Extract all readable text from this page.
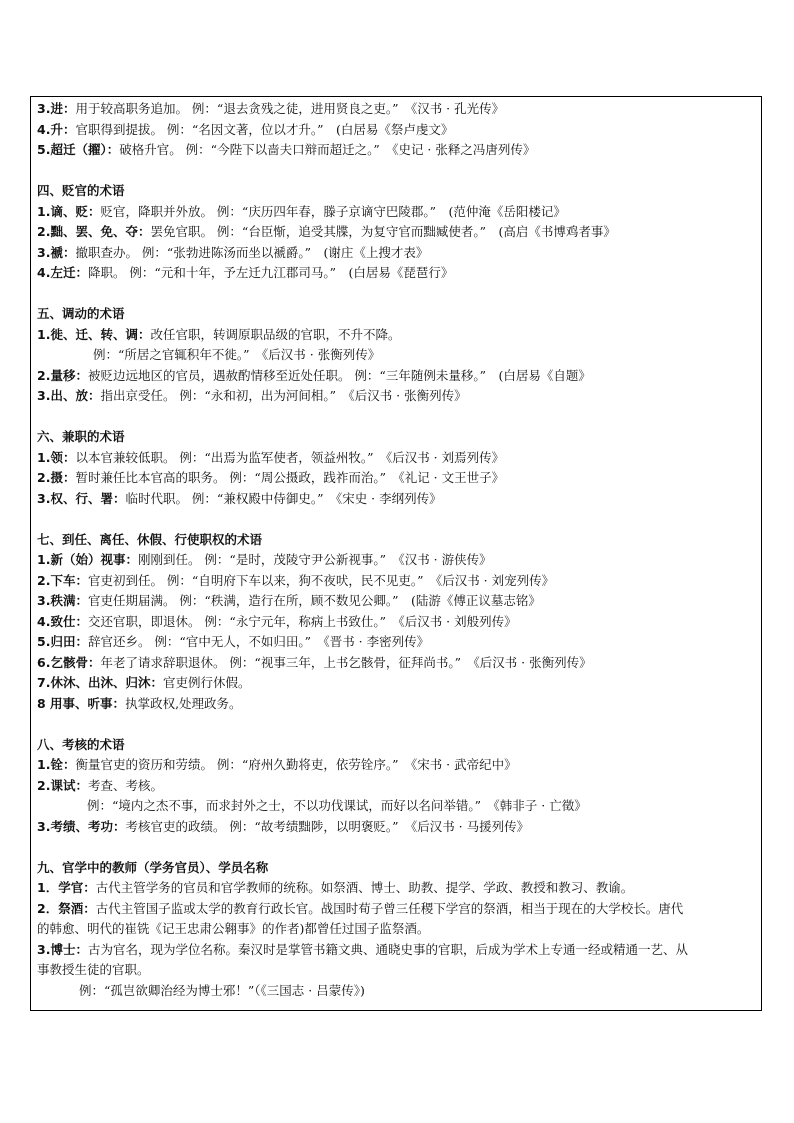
3.进：用于较高职务追加。 例：“退去贪残之徒，进用贤良之吏。”　《汉书 · 孔光传》
4.升：官职得到提拔。 例：“名因文著，位以才升。”　(白居易《祭卢虔文》
5.超迁（擢）：破格升官。 例：“今陛下以啬夫口辩而超迁之。”　《史记 · 张释之冯唐列传》
四、贬官的术语
1.谪、贬：贬官，降职并外放。 例：“庆历四年春，滕子京谪守巴陵郡。”　(范仲淹《岳阳楼记》
2.黜、罢、免、夺：罢免官职。 例：“台臣惭，追受其牒，为复守官而黜臧使者。”　(高启《书博鸡者事》
3.褫：撤职查办。 例：“张勃进陈汤而坐以褫爵。”　(谢庄《上搜才表》
4.左迁：降职。 例：“元和十年，予左迁九江郡司马。”　(白居易《琵琶行》
五、调动的术语
1.徙、迁、转、调：改任官职，转调原职品级的官职，不升不降。
例：“所居之官辄积年不徙。”　《后汉书 · 张衡列传》
2.量移：被贬边远地区的官员，遇赦酌情移至近处任职。 例：“三年随例未量移。”　(白居易《自题》
3.出、放：指出京受任。 例：“永和初，出为河间相。”　《后汉书 · 张衡列传》
六、兼职的术语
1.领：以本官兼较低职。 例：“出焉为监军使者，领益州牧。”　《后汉书 · 刘焉列传》
2.摄：暂时兼任比本官高的职务。 例：“周公摄政，践祚而治。”　《礼记 · 文王世子》
3.权、行、署：临时代职。 例：“兼权殿中侍御史。”　《宋史 · 李纲列传》
七、到任、离任、休假、行使职权的术语
1.新（始）视事：刚刚到任。 例：“是时，茂陵守尹公新视事。”　《汉书 · 游侠传》
2.下车：官吏初到任。 例：“自明府下车以来，狗不夜吠，民不见吏。”　《后汉书 · 刘宠列传》
3.秩满：官吏任期届满。 例：“秩满，造行在所，顾不数见公卿。”　(陆游《傅正议墓志铭》
4.致仕：交还官职，即退休。 例：“永宁元年，称病上书致仕。”　《后汉书 · 刘般列传》
5.归田：辞官还乡。 例：“官中无人，不如归田。”　《晋书 · 李密列传》
6.乞骸骨：年老了请求辞职退休。 例：“视事三年，上书乞骸骨，征拜尚书。”　《后汉书 · 张衡列传》
7.休沐、出沐、归沐：官吏例行休假。
8 用事、听事：执掌政权,处理政务。
八、考核的术语
1.铨：衡量官吏的资历和劳绩。 例：“府州久勤将吏，依劳铨序。”　《宋书 · 武帝纪中》
2.课试：考查、考核。
例：“境内之杰不事，而求封外之士，不以功伐课试，而好以名问举错。”　《韩非子 · 亡徵》
3.考绩、考功：考核官吏的政绩。 例：“故考绩黜陟，以明褒贬。”　《后汉书 · 马援列传》
九、官学中的教师（学务官员）、学员名称
1．学官：古代主管学务的官员和官学教师的统称。如祭酒、博士、助教、提学、学政、教授和教习、教谕。
2．祭酒：古代主管国子监或太学的教育行政长官。战国时荀子曾三任稷下学宫的祭酒，相当于现在的大学校长。唐代
的韩愈、明代的崔铣《记王忠肃公翱事》的作者)都曾任过国子监祭酒。
3.博士：古为官名，现为学位名称。秦汉时是掌管书籍文典、通晓史事的官职，后成为学术上专通一经或精通一艺、从
事教授生徒的官职。
例：“孤岂欲卿治经为博士邪！”（《三国志 · 吕蒙传》)
